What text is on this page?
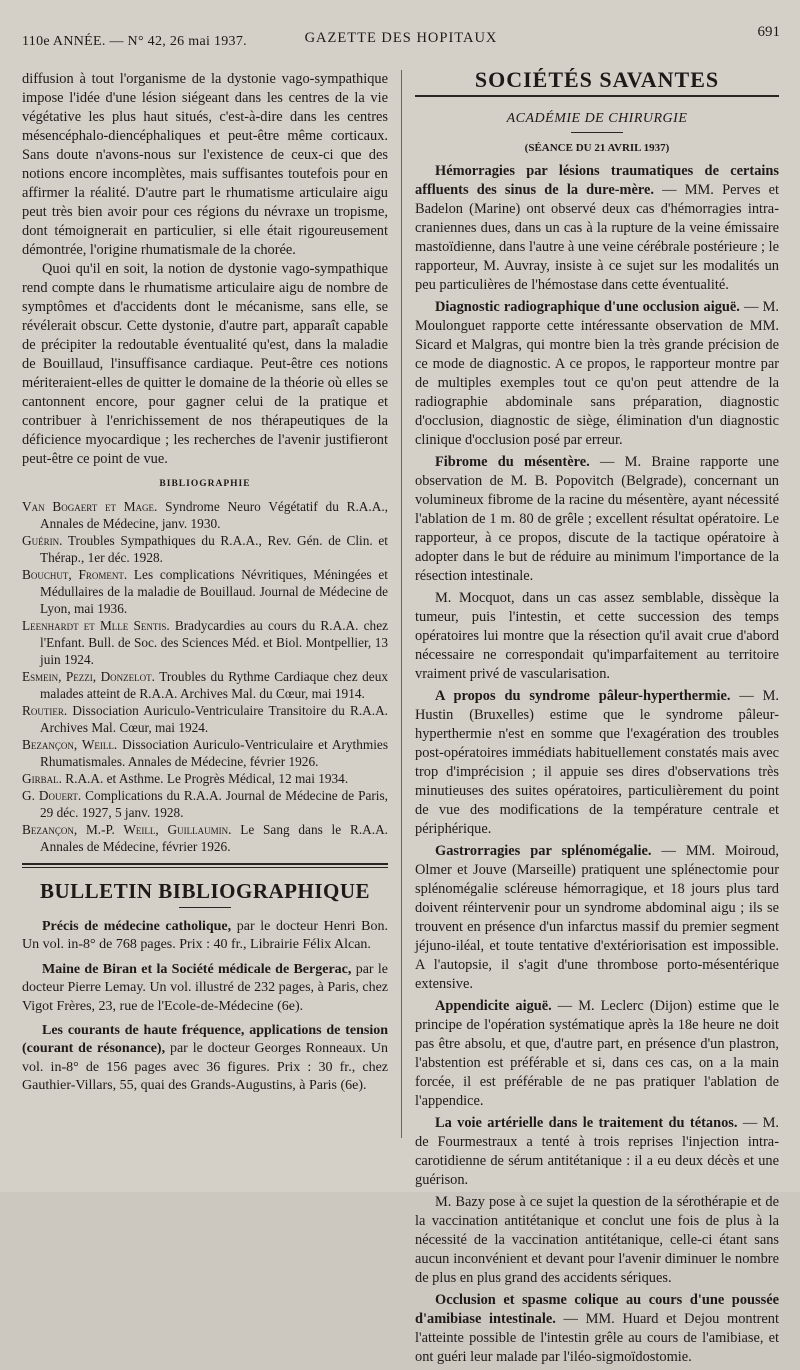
110e ANNÉE. — N° 42, 26 mai 1937.	GAZETTE DES HOPITAUX	691

diffusion à tout l'organisme de la dystonie vago-sympathique impose l'idée d'une lésion siégeant dans les centres de la vie végétative les plus haut situés, c'est-à-dire dans les centres mésencéphalo-diencéphaliques et peut-être même corticaux. Sans doute n'avons-nous sur l'existence de ceux-ci que des notions encore incomplètes, mais suffisantes toutefois pour en affirmer la réalité. D'autre part le rhumatisme articulaire aigu peut très bien avoir pour ces régions du névraxe un tropisme, dont témoignerait en particulier, si elle était rigoureusement démontrée, l'origine rhumatismale de la chorée.

Quoi qu'il en soit, la notion de dystonie vago-sympathique rend compte dans le rhumatisme articulaire aigu de nombre de symptômes et d'accidents dont le mécanisme, sans elle, se révélerait obscur. Cette dystonie, d'autre part, apparaît capable de précipiter la redoutable éventualité qu'est, dans la maladie de Bouillaud, l'insuffisance cardiaque. Peut-être ces notions mériteraient-elles de quitter le domaine de la théorie où elles se cantonnent encore, pour gagner celui de la pratique et contribuer à l'enrichissement de nos thérapeutiques de la déficience myocardique ; les recherches de l'avenir justifieront peut-être ce point de vue.

BIBLIOGRAPHIE

Van Bogaert et Mage. Syndrome Neuro Végétatif du R.A.A., Annales de Médecine, janv. 1930.

Guérin. Troubles Sympathiques du R.A.A., Rev. Gén. de Clin. et Thérap., 1er déc. 1928.

Bouchut, Froment. Les complications Névritiques, Méningées et Médullaires de la maladie de Bouillaud. Journal de Médecine de Lyon, mai 1936.

Leenhardt et Mlle Sentis. Bradycardies au cours du R.A.A. chez l'Enfant. Bull. de Soc. des Sciences Méd. et Biol. Montpellier, 13 juin 1924.

Esmein, Pezzi, Donzelot. Troubles du Rythme Cardiaque chez deux malades atteint de R.A.A. Archives Mal. du Cœur, mai 1914.

Routier. Dissociation Auriculo-Ventriculaire Transitoire du R.A.A. Archives Mal. Cœur, mai 1924.

Bezançon, Weill. Dissociation Auriculo-Ventriculaire et Arythmies Rhumatismales. Annales de Médecine, février 1926.

Girbal. R.A.A. et Asthme. Le Progrès Médical, 12 mai 1934.

G. Douert. Complications du R.A.A. Journal de Médecine de Paris, 29 déc. 1927, 5 janv. 1928.

Bezançon, M.-P. Weill, Guillaumin. Le Sang dans le R.A.A. Annales de Médecine, février 1926.

BULLETIN BIBLIOGRAPHIQUE

Précis de médecine catholique, par le docteur Henri Bon. Un vol. in-8° de 768 pages. Prix : 40 fr., Librairie Félix Alcan.

Maine de Biran et la Société médicale de Bergerac, par le docteur Pierre Lemay. Un vol. illustré de 232 pages, à Paris, chez Vigot Frères, 23, rue de l'Ecole-de-Médecine (6e).

Les courants de haute fréquence, applications de tension (courant de résonance), par le docteur Georges Ronneaux. Un vol. in-8° de 156 pages avec 36 figures. Prix : 30 fr., chez Gauthier-Villars, 55, quai des Grands-Augustins, à Paris (6e).

SOCIÉTÉS SAVANTES
ACADÉMIE DE CHIRURGIE
(SÉANCE DU 21 AVRIL 1937)

Hémorragies par lésions traumatiques de certains affluents des sinus de la dure-mère. — MM. Perves et Badelon (Marine) ont observé deux cas d'hémorragies intra-craniennes dues, dans un cas à la rupture de la veine émissaire mastoïdienne, dans l'autre à une veine cérébrale postérieure ; le rapporteur, M. Auvray, insiste à ce sujet sur les modalités un peu particulières de l'hémostase dans cette éventualité.

Diagnostic radiographique d'une occlusion aiguë. — M. Moulonguet rapporte cette intéressante observation de MM. Sicard et Malgras, qui montre bien la très grande précision de ce mode de diagnostic. A ce propos, le rapporteur montre par de multiples exemples tout ce qu'on peut attendre de la radiographie abdominale sans préparation, diagnostic d'occlusion, diagnostic de siège, élimination d'un diagnostic clinique d'occlusion posé par erreur.

Fibrome du mésentère. — M. Braine rapporte une observation de M. B. Popovitch (Belgrade), concernant un volumineux fibrome de la racine du mésentère, ayant nécessité l'ablation de 1 m. 80 de grêle ; excellent résultat opératoire. Le rapporteur, à ce propos, discute de la tactique opératoire à adopter dans le but de réduire au minimum l'importance de la résection intestinale.

M. Mocquot, dans un cas assez semblable, dissèque la tumeur, puis l'intestin, et cette succession des temps opératoires lui montre que la résection qu'il avait crue d'abord nécessaire ne correspondait qu'imparfaitement au territoire vraiment privé de vascularisation.

A propos du syndrome pâleur-hyperthermie. — M. Hustin (Bruxelles) estime que le syndrome pâleur-hyperthermie n'est en somme que l'exagération des troubles post-opératoires immédiats habituellement constatés mais avec trop d'imprécision ; il appuie ses dires d'observations très minutieuses des suites opératoires, particulièrement du point de vue des modifications de la température centrale et périphérique.

Gastrorragies par splénomégalie. — MM. Moiroud, Olmer et Jouve (Marseille) pratiquent une splénectomie pour splénomégalie scléreuse hémorragique, et 18 jours plus tard doivent réintervenir pour un syndrome abdominal aigu ; ils se trouvent en présence d'un infarctus massif du premier segment jéjuno-iléal, et toute tentative d'extériorisation est impossible. A l'autopsie, il s'agit d'une thrombose porto-mésentérique extensive.

Appendicite aiguë. — M. Leclerc (Dijon) estime que le principe de l'opération systématique après la 18e heure ne doit pas être absolu, et que, d'autre part, en présence d'un plastron, l'abstention est préférable et si, dans ces cas, on a la main forcée, il est préférable de ne pas pratiquer l'ablation de l'appendice.

La voie artérielle dans le traitement du tétanos. — M. de Fourmestraux a tenté à trois reprises l'injection intra-carotidienne de sérum antitétanique : il a eu deux décès et une guérison.

M. Bazy pose à ce sujet la question de la sérothérapie et de la vaccination antitétanique et conclut une fois de plus à la nécessité de la vaccination antitétanique, celle-ci étant sans aucun inconvénient et devant pour l'avenir diminuer le nombre de plus en plus grand des accidents sériques.

Occlusion et spasme colique au cours d'une poussée d'amibiase intestinale. — MM. Huard et Dejou montrent l'atteinte possible de l'intestin grêle au cours de l'amibiase, et ont guéri leur malade par l'iléo-sigmoïdostomie.
